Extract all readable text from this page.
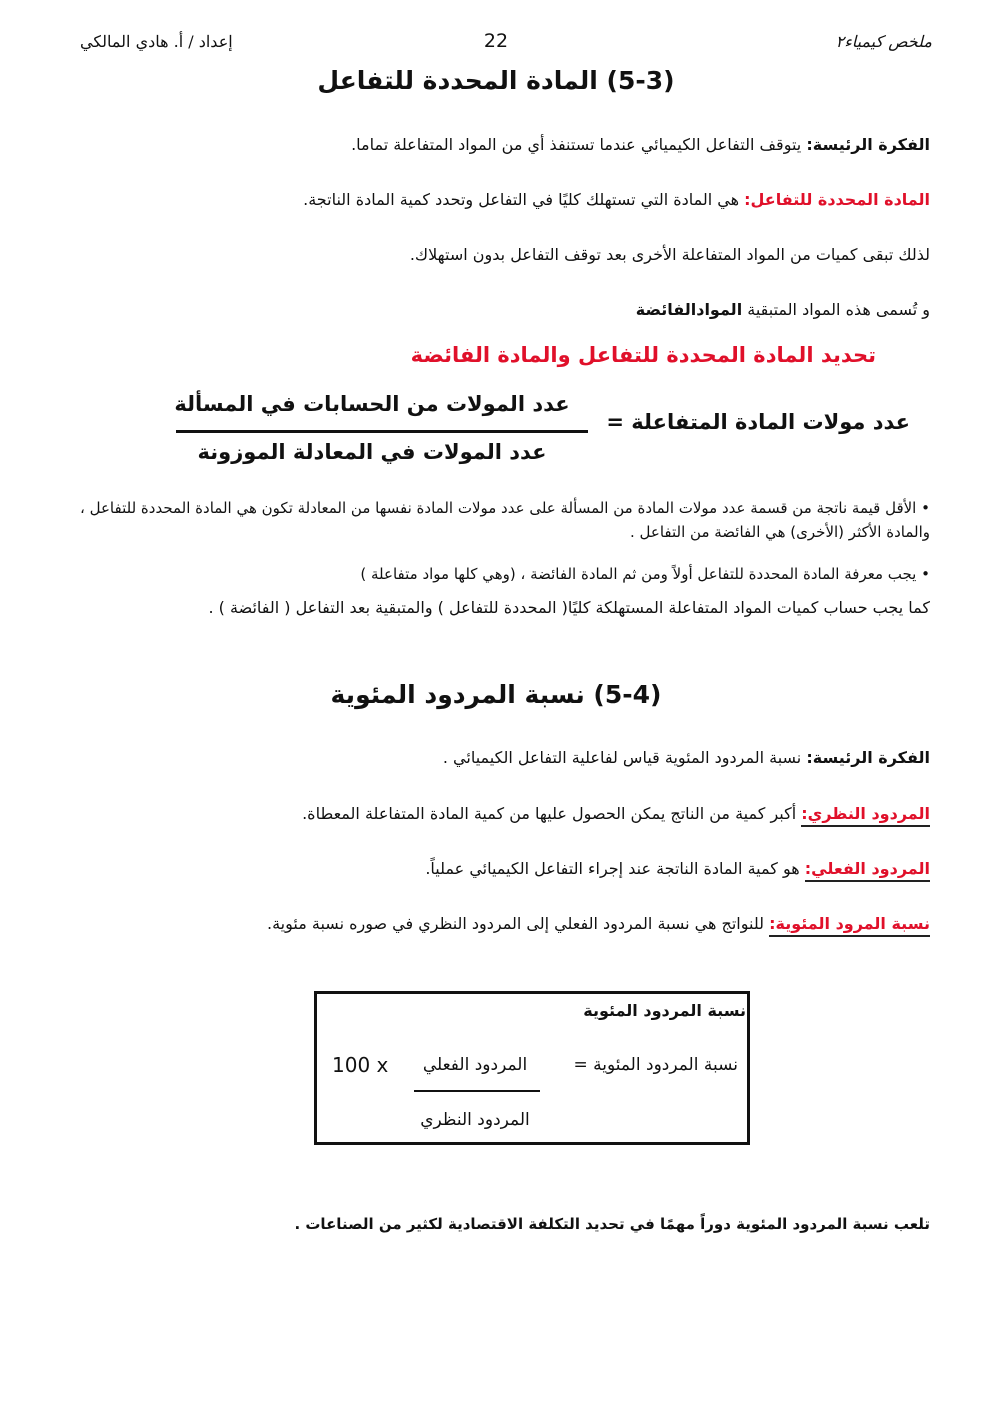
إعداد / أ. هادي المالكي	22	ملخص كيمياء٢
(5-3) المادة المحددة للتفاعل
الفكرة الرئيسة: يتوقف التفاعل الكيميائي عندما تستنفذ أي من المواد المتفاعلة تماما.
المادة المحددة للتفاعل: هي المادة التي تستهلك كليًا في التفاعل وتحدد كمية المادة الناتجة.
لذلك تبقى كميات من المواد المتفاعلة الأخرى بعد توقف التفاعل بدون استهلاك.
و تُسمى هذه المواد المتبقية الموادالفائضة
تحديد المادة المحددة للتفاعل والمادة الفائضة
عدد مولات المادة المتفاعلة =
عدد المولات من الحسابات في المسألة
عدد المولات في المعادلة الموزونة
• الأقل قيمة ناتجة من قسمة عدد مولات المادة من المسألة على عدد مولات المادة نفسها من المعادلة تكون هي المادة المحددة للتفاعل ، والمادة الأكثر (الأخرى) هي الفائضة من التفاعل .
• يجب معرفة المادة المحددة للتفاعل أولاً ومن ثم المادة الفائضة ، (وهي كلها مواد متفاعلة )
كما يجب حساب كميات المواد المتفاعلة المستهلكة كليًا( المحددة للتفاعل ) والمتبقية بعد التفاعل ( الفائضة ) .
(5-4) نسبة المردود المئوية
الفكرة الرئيسة: نسبة المردود المئوية قياس لفاعلية التفاعل الكيميائي .
المردود النظري: أكبر كمية من الناتج يمكن الحصول عليها من كمية المادة المتفاعلة المعطاة.
المردود الفعلي: هو كمية المادة الناتجة عند إجراء التفاعل الكيميائي عملياً.
نسبة المرود المئوية: للنواتج هي نسبة المردود الفعلي إلى المردود النظري في صوره نسبة مئوية.
نسبة المردود المئوية
نسبة المردود المئوية =
المردود الفعلي
100 x
المردود النظري
تلعب نسبة المردود المئوية دوراً مهمًا في تحديد التكلفة الاقتصادية لكثير من الصناعات .
